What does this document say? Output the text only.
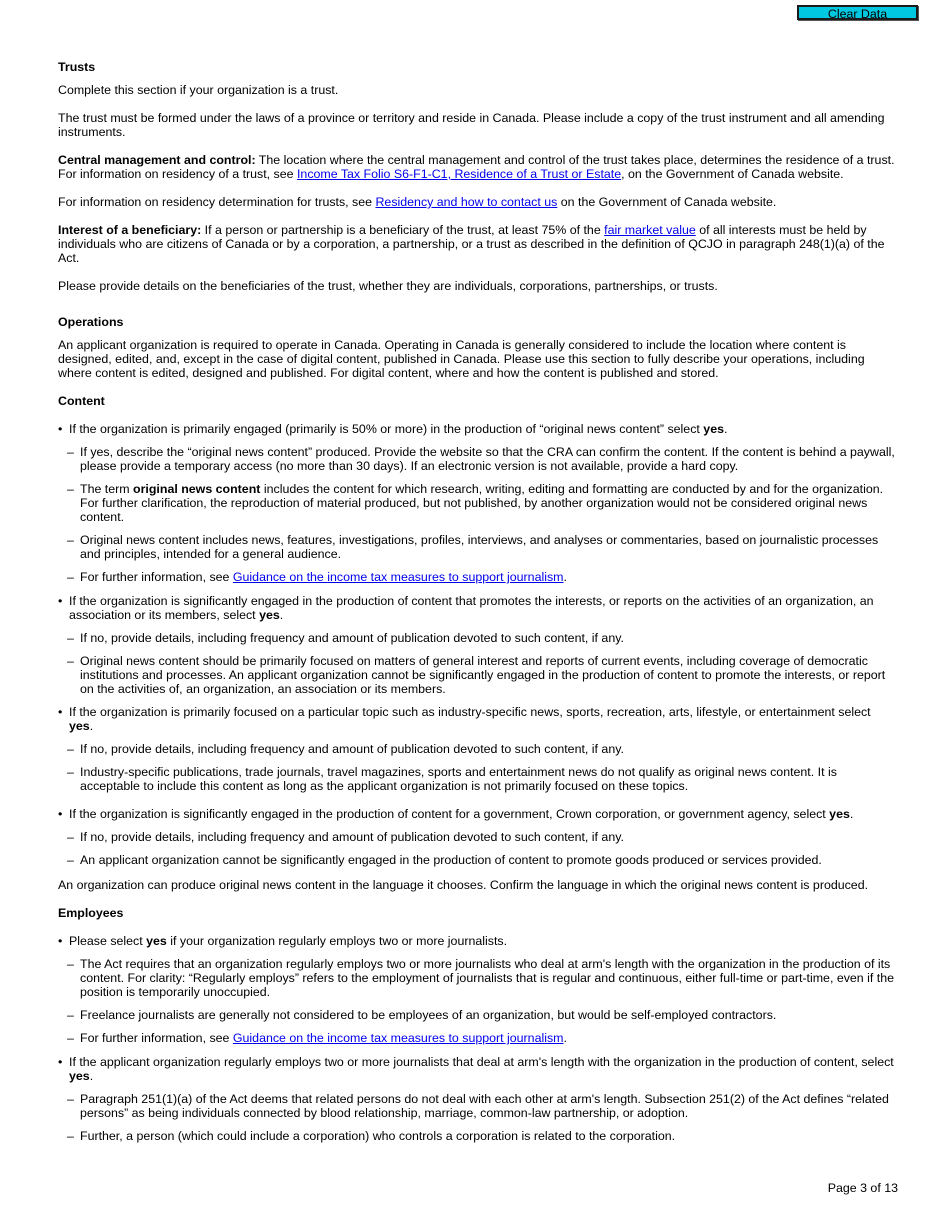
Clear Data
Trusts

Complete this section if your organization is a trust.

The trust must be formed under the laws of a province or territory and reside in Canada. Please include a copy of the trust instrument and all amending instruments.

Central management and control: The location where the central management and control of the trust takes place, determines the residence of a trust. For information on residency of a trust, see Income Tax Folio S6-F1-C1, Residence of a Trust or Estate, on the Government of Canada website.

For information on residency determination for trusts, see Residency and how to contact us on the Government of Canada website.

Interest of a beneficiary: If a person or partnership is a beneficiary of the trust, at least 75% of the fair market value of all interests must be held by individuals who are citizens of Canada or by a corporation, a partnership, or a trust as described in the definition of QCJO in paragraph 248(1)(a) of the Act.

Please provide details on the beneficiaries of the trust, whether they are individuals, corporations, partnerships, or trusts.

Operations

An applicant organization is required to operate in Canada. Operating in Canada is generally considered to include the location where content is designed, edited, and, except in the case of digital content, published in Canada. Please use this section to fully describe your operations, including where content is edited, designed and published. For digital content, where and how the content is published and stored.

Content
• If the organization is primarily engaged (primarily is 50% or more) in the production of “original news content” select yes.
– If yes, describe the “original news content” produced. Provide the website so that the CRA can confirm the content. If the content is behind a paywall, please provide a temporary access (no more than 30 days). If an electronic version is not available, provide a hard copy.
– The term original news content includes the content for which research, writing, editing and formatting are conducted by and for the organization. For further clarification, the reproduction of material produced, but not published, by another organization would not be considered original news content.
– Original news content includes news, features, investigations, profiles, interviews, and analyses or commentaries, based on journalistic processes and principles, intended for a general audience.
– For further information, see Guidance on the income tax measures to support journalism.
• If the organization is significantly engaged in the production of content that promotes the interests, or reports on the activities of an organization, an association or its members, select yes.
– If no, provide details, including frequency and amount of publication devoted to such content, if any.
– Original news content should be primarily focused on matters of general interest and reports of current events, including coverage of democratic institutions and processes. An applicant organization cannot be significantly engaged in the production of content to promote the interests, or report on the activities of, an organization, an association or its members.
• If the organization is primarily focused on a particular topic such as industry-specific news, sports, recreation, arts, lifestyle, or entertainment select yes.
– If no, provide details, including frequency and amount of publication devoted to such content, if any.
– Industry-specific publications, trade journals, travel magazines, sports and entertainment news do not qualify as original news content. It is acceptable to include this content as long as the applicant organization is not primarily focused on these topics.
• If the organization is significantly engaged in the production of content for a government, Crown corporation, or government agency, select yes.
– If no, provide details, including frequency and amount of publication devoted to such content, if any.
– An applicant organization cannot be significantly engaged in the production of content to promote goods produced or services provided.

An organization can produce original news content in the language it chooses. Confirm the language in which the original news content is produced.

Employees
• Please select yes if your organization regularly employs two or more journalists.
– The Act requires that an organization regularly employs two or more journalists who deal at arm's length with the organization in the production of its content. For clarity: “Regularly employs” refers to the employment of journalists that is regular and continuous, either full-time or part-time, even if the position is temporarily unoccupied.
– Freelance journalists are generally not considered to be employees of an organization, but would be self-employed contractors.
– For further information, see Guidance on the income tax measures to support journalism.
• If the applicant organization regularly employs two or more journalists that deal at arm's length with the organization in the production of content, select yes.
– Paragraph 251(1)(a) of the Act deems that related persons do not deal with each other at arm's length. Subsection 251(2) of the Act defines “related persons” as being individuals connected by blood relationship, marriage, common-law partnership, or adoption.
– Further, a person (which could include a corporation) who controls a corporation is related to the corporation.
Page 3 of 13
